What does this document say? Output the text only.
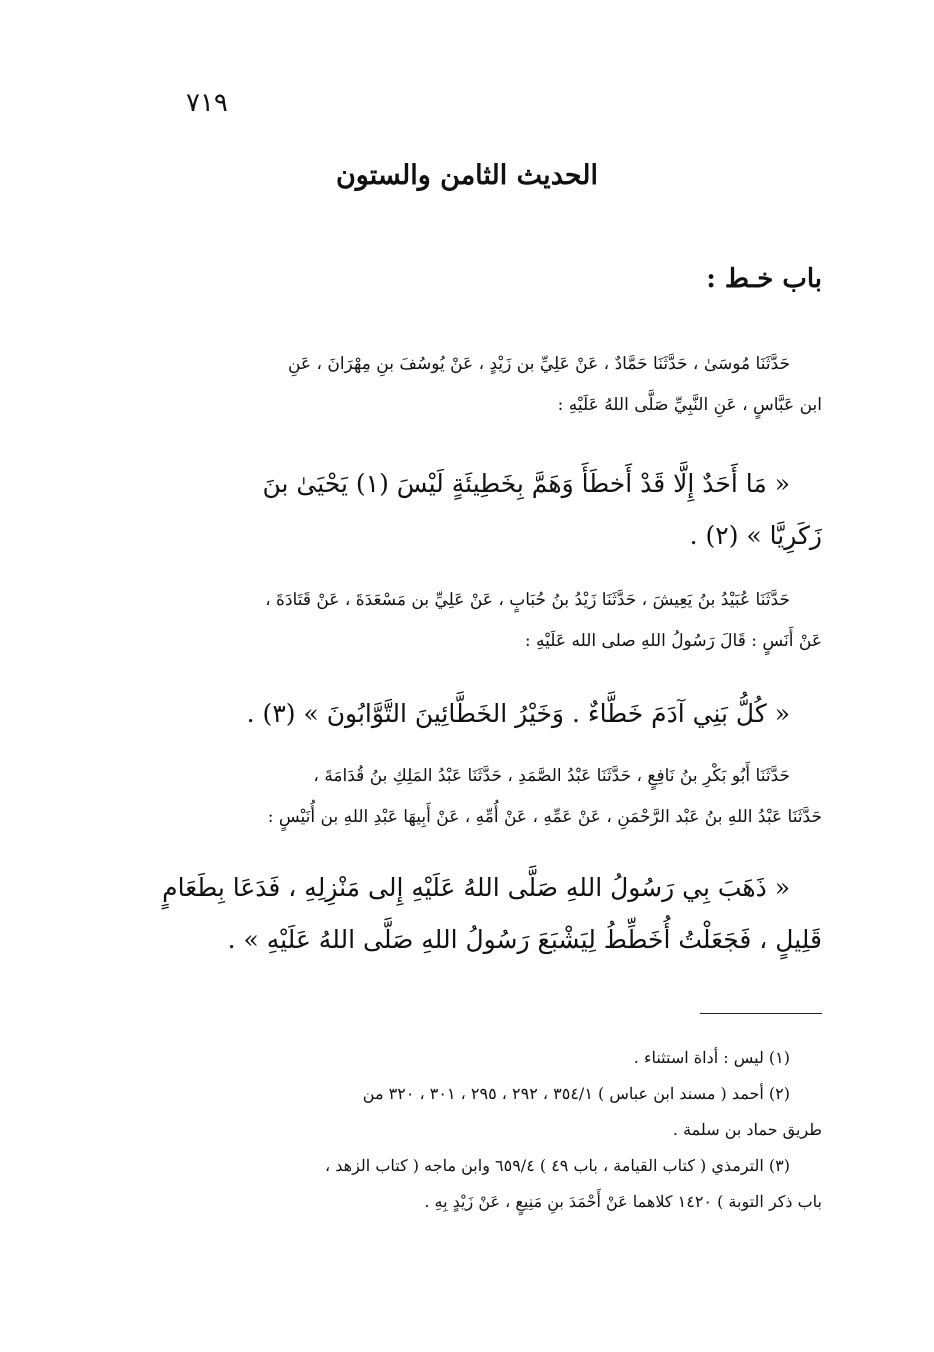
٧١٩
الحديث الثامن والستون
باب خـط :
حَدَّثَنَا مُوسَىٰ ، حَدَّثَنَا حَمَّادٌ ، عَنْ عَلِيِّ بن زَيْدٍ ، عَنْ يُوسُفَ بنِ مِهْرَانَ ، عَنِ
ابن عَبَّاسٍ ، عَنِ النَّبِيِّ صَلَّى اللهُ عَلَيْهِ :
« مَا أَحَدٌ إِلَّا قَدْ أَخطَأَ وَهَمَّ بِخَطِيئَةٍ لَيْسَ (١) يَحْيَىٰ بنَ
زَكَرِيَّا » (٢) .
حَدَّثَنَا عُبَيْدُ بنُ يَعِيشَ ، حَدَّثَنَا زَيْدُ بنُ حُبَابٍ ، عَنْ عَلِيِّ بن مَسْعَدَةَ ، عَنْ قَتَادَةَ ،
عَنْ أَنَسٍ : قَالَ رَسُولُ اللهِ صلى الله عَلَيْهِ :
« كُلُّ بَنِي آدَمَ خَطَّاءٌ . وَخَيْرُ الخَطَّائِينَ التَّوَّابُونَ » (٣) .
حَدَّثَنَا أَبُو بَكْرِ بنُ نَافِعٍ ، حَدَّثَنَا عَبْدُ الصَّمَدِ ، حَدَّثَنَا عَبْدُ المَلِكِ بنُ قُدَامَةَ ،
حَدَّثَنَا عَبْدُ اللهِ بنُ عَبْد الرَّحْمَنِ ، عَنْ عَمِّهِ ، عَنْ أُمِّهِ ، عَنْ أَبِيهَا عَبْدِ اللهِ بن أُنَيْسٍ :
« ذَهَبَ بِي رَسُولُ اللهِ صَلَّى اللهُ عَلَيْهِ إِلى مَنْزِلِهِ ، فَدَعَا بِطَعَامٍ
قَلِيلٍ ، فَجَعَلْتُ أُخَطِّطُ لِيَشْبَعَ رَسُولُ اللهِ صَلَّى اللهُ عَلَيْهِ » .
(١) ليس : أداة استثناء .
(٢) أحمد ( مسند ابن عباس ) ٣٥٤/١ ، ٢٩٢ ، ٢٩٥ ، ٣٠١ ، ٣٢٠ من
طريق حماد بن سلمة .
(٣) الترمذي ( كتاب القيامة ، باب ٤٩ ) ٦٥٩/٤ وابن ماجه ( كتاب الزهد ،
باب ذكر التوبة ) ١٤٢٠ كلاهما عَنْ أَحْمَدَ بنِ مَنِيعٍ ، عَنْ زَيْدٍ بِهِ .
